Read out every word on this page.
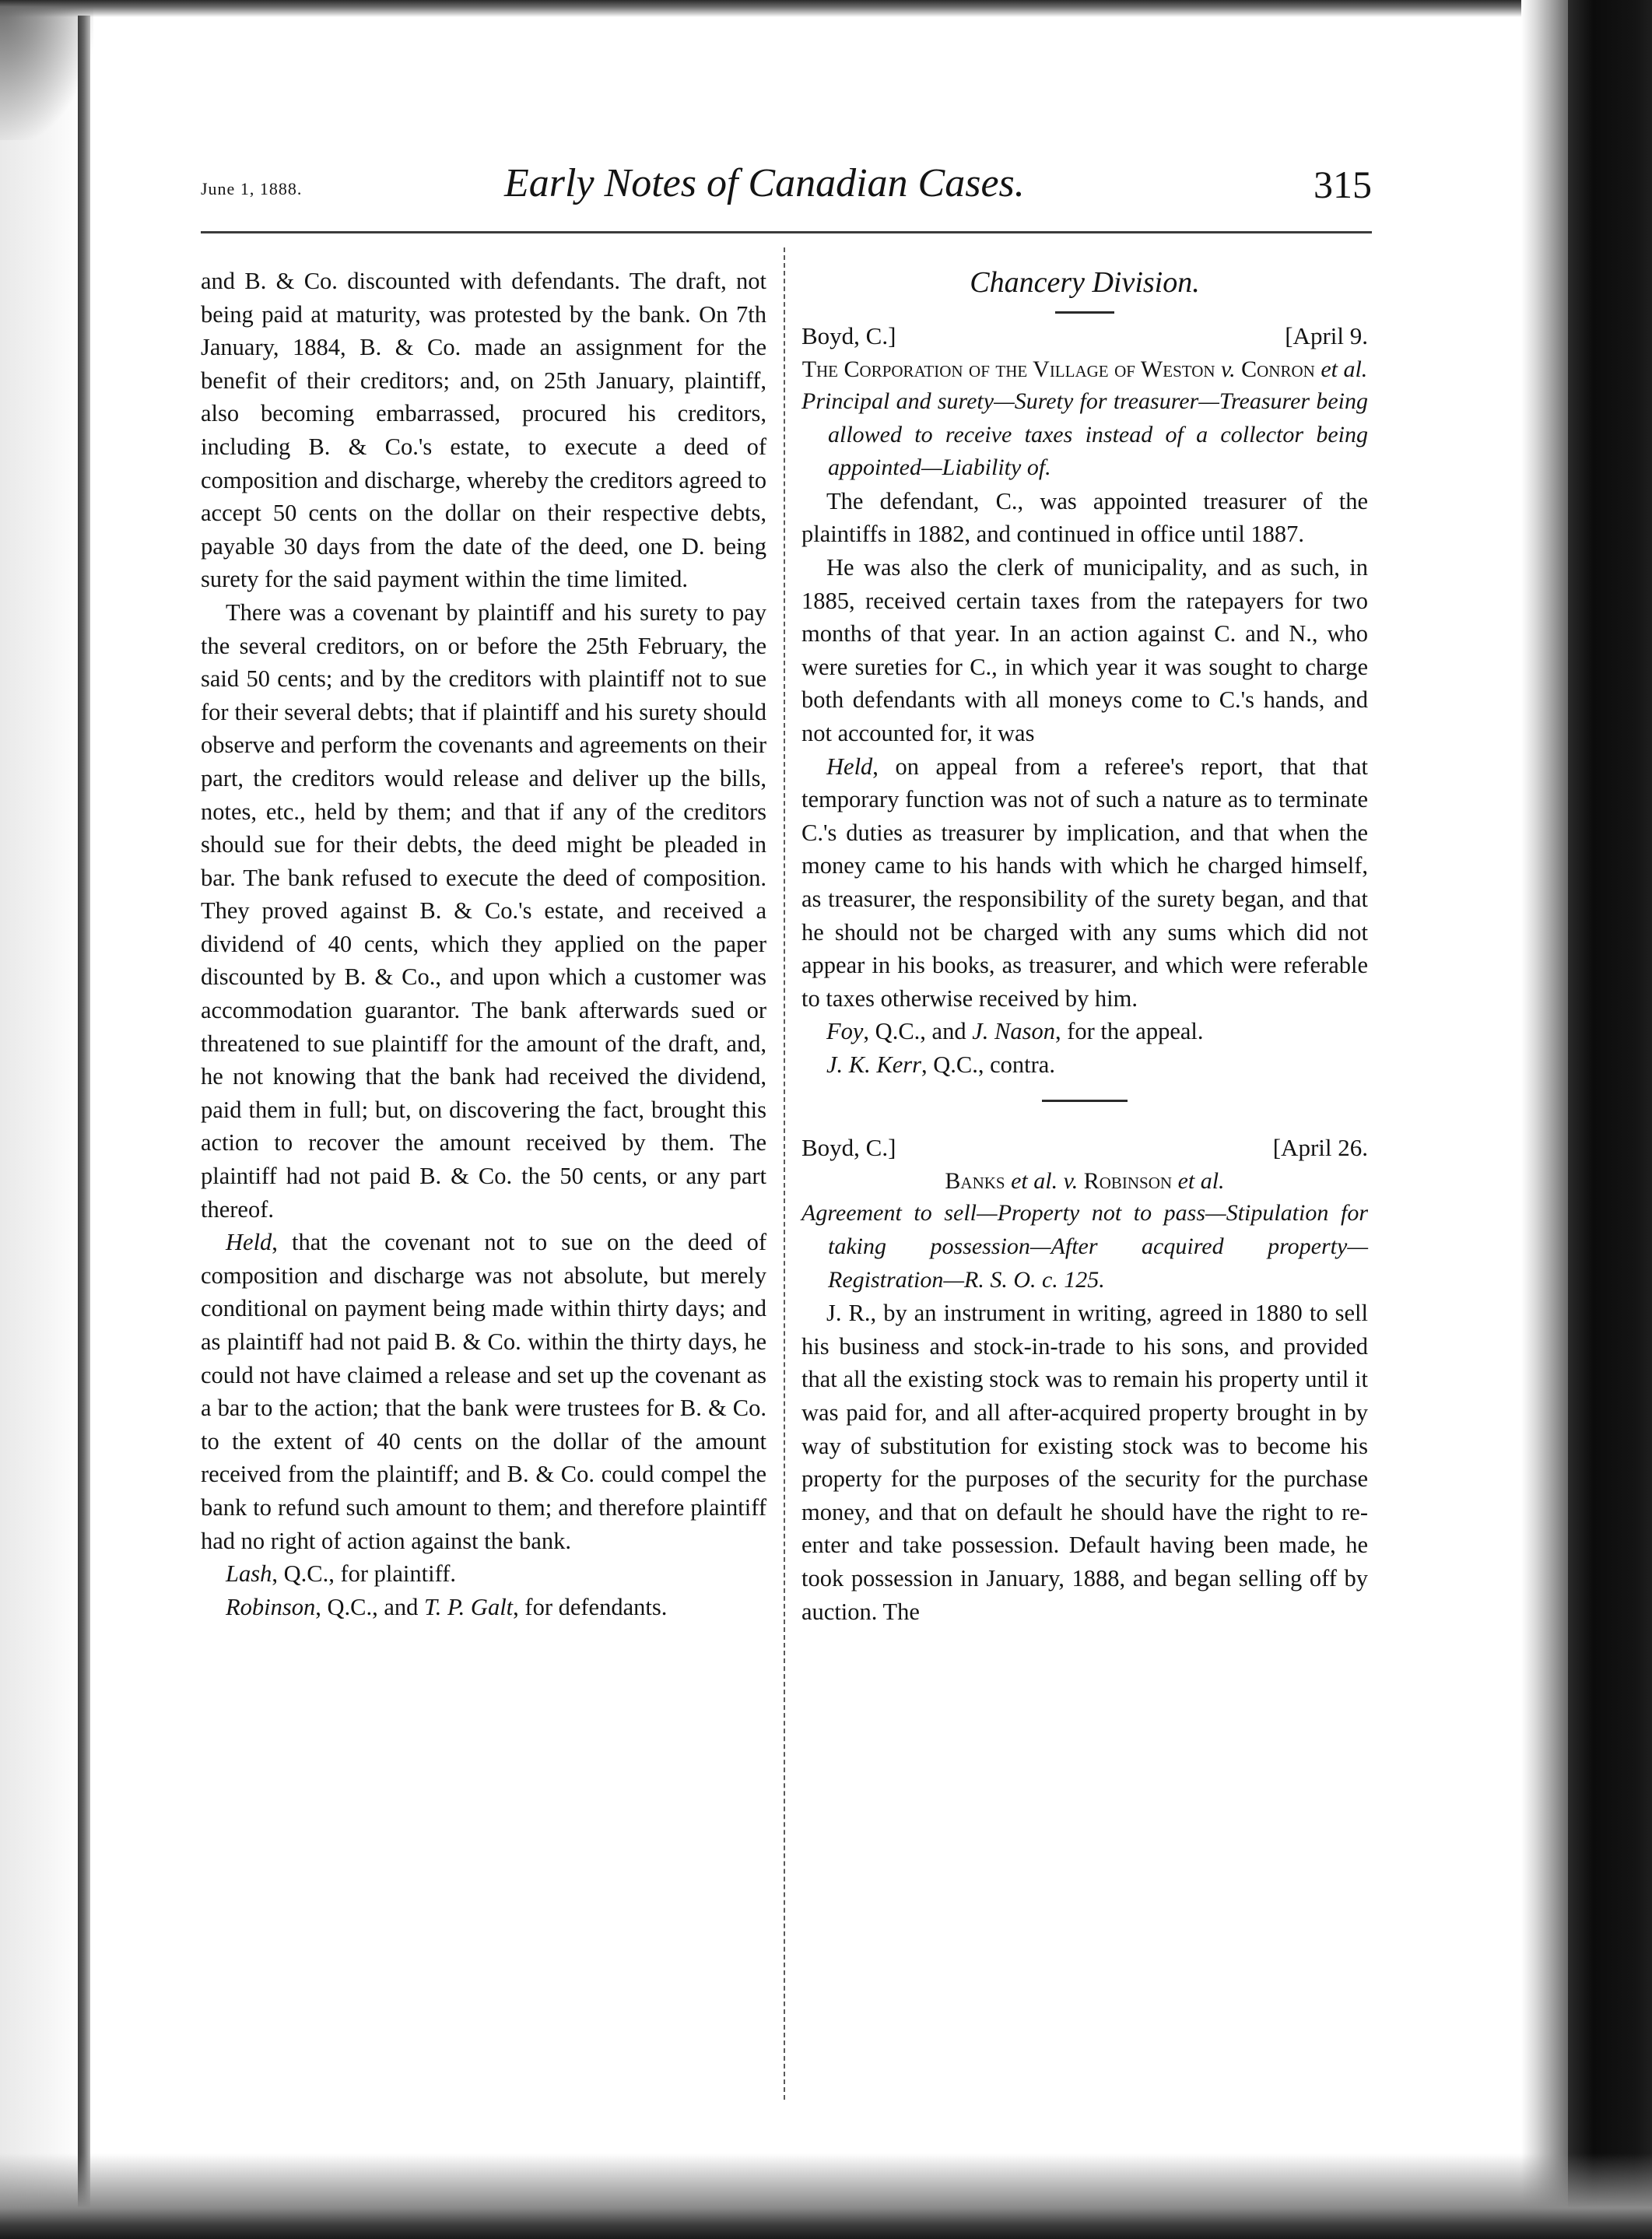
June 1, 1888.	Early Notes of Canadian Cases.	315

and B. & Co. discounted with defendants. The draft, not being paid at maturity, was protested by the bank. On 7th January, 1884, B. & Co. made an assignment for the benefit of their creditors; and, on 25th January, plaintiff, also becoming embarrassed, procured his creditors, including B. & Co.'s estate, to execute a deed of composition and discharge, whereby the creditors agreed to accept 50 cents on the dollar on their respective debts, payable 30 days from the date of the deed, one D. being surety for the said payment within the time limited.

There was a covenant by plaintiff and his surety to pay the several creditors, on or before the 25th February, the said 50 cents; and by the creditors with plaintiff not to sue for their several debts; that if plaintiff and his surety should observe and perform the covenants and agreements on their part, the creditors would release and deliver up the bills, notes, etc., held by them; and that if any of the creditors should sue for their debts, the deed might be pleaded in bar. The bank refused to execute the deed of composition. They proved against B. & Co.'s estate, and received a dividend of 40 cents, which they applied on the paper discounted by B. & Co., and upon which a customer was accommodation guarantor. The bank afterwards sued or threatened to sue plaintiff for the amount of the draft, and, he not knowing that the bank had received the dividend, paid them in full; but, on discovering the fact, brought this action to recover the amount received by them. The plaintiff had not paid B. & Co. the 50 cents, or any part thereof.

Held, that the covenant not to sue on the deed of composition and discharge was not absolute, but merely conditional on payment being made within thirty days; and as plaintiff had not paid B. & Co. within the thirty days, he could not have claimed a release and set up the covenant as a bar to the action; that the bank were trustees for B. & Co. to the extent of 40 cents on the dollar of the amount received from the plaintiff; and B. & Co. could compel the bank to refund such amount to them; and therefore plaintiff had no right of action against the bank.

Lash, Q.C., for plaintiff.

Robinson, Q.C., and T. P. Galt, for defendants.

Chancery Division.

Boyd, C.]	[April 9.

The Corporation of the Village of Weston v. Conron et al.

Principal and surety—Surety for treasurer—Treasurer being allowed to receive taxes instead of a collector being appointed—Liability of.

The defendant, C., was appointed treasurer of the plaintiffs in 1882, and continued in office until 1887.

He was also the clerk of municipality, and as such, in 1885, received certain taxes from the ratepayers for two months of that year. In an action against C. and N., who were sureties for C., in which year it was sought to charge both defendants with all moneys come to C.'s hands, and not accounted for, it was

Held, on appeal from a referee's report, that that temporary function was not of such a nature as to terminate C.'s duties as treasurer by implication, and that when the money came to his hands with which he charged himself, as treasurer, the responsibility of the surety began, and that he should not be charged with any sums which did not appear in his books, as treasurer, and which were referable to taxes otherwise received by him.

Foy, Q.C., and J. Nason, for the appeal.

J. K. Kerr, Q.C., contra.

Boyd, C.]	[April 26.

Banks et al. v. Robinson et al.

Agreement to sell—Property not to pass—Stipulation for taking possession—After acquired property—Registration—R. S. O. c. 125.

J. R., by an instrument in writing, agreed in 1880 to sell his business and stock-in-trade to his sons, and provided that all the existing stock was to remain his property until it was paid for, and all after-acquired property brought in by way of substitution for existing stock was to become his property for the purposes of the security for the purchase money, and that on default he should have the right to re-enter and take possession. Default having been made, he took possession in January, 1888, and began selling off by auction. The
